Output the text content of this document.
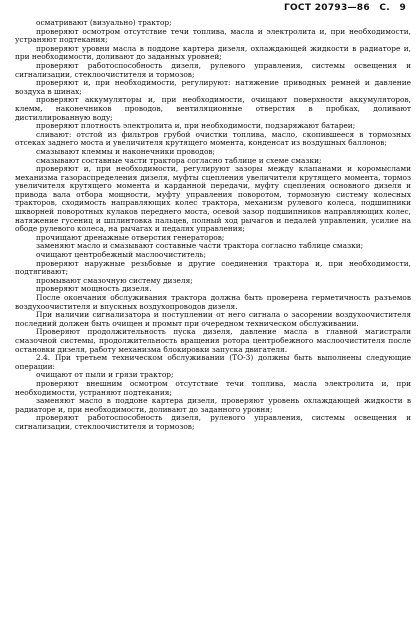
ГОСТ 20793—86 С. 9

осматривают (визуально) трактор;

проверяют осмотром отсутствие течи топлива, масла и электролита и, при необходимости, устраняют подтекания;

проверяют уровни масла в поддоне картера дизеля, охлаждающей жидкости в радиаторе и, при необходимости, доливают до заданных уровней;

проверяют работоспособность дизеля, рулевого управления, системы освещения и сигнализации, стеклоочистителя и тормозов;

проверяют и, при необходимости, регулируют: натяжение приводных ремней и давление воздуха в шинах;

проверяют аккумуляторы и, при необходимости, очищают поверхности аккумуляторов, клемм, наконечников проводов, вентиляционные отверстия в пробках, доливают дистиллированную воду;

проверяют плотность электролита и, при необходимости, подзаряжают батареи;

сливают: отстой из фильтров грубой очистки топлива, масло, скопившееся в тормозных отсеках заднего моста и увеличителя крутящего момента, конденсат из воздушных баллонов;

смазывают клеммы и наконечники проводов;

смазывают составные части трактора согласно таблице и схеме смазки;

проверяют и, при необходимости, регулируют зазоры между клапанами и коромыслами механизма газораспределения дизеля, муфты сцепления увеличителя крутящего момента, тормоз увеличителя крутящего момента и карданной передачи, муфту сцепления основного дизеля и привода вала отбора мощности, муфту управления поворотом, тормозную систему колесных тракторов, сходимость направляющих колес трактора, механизм рулевого колеса, подшипники шкворней поворотных кулаков переднего моста, осевой зазор подшипников направляющих колес, натяжение гусениц и шплинтовка пальцев, полный ход рычагов и педалей управления, усилие на ободе рулевого колеса, на рычагах и педалях управления;

прочищают дренажные отверстия генераторов;

заменяют масло и смазывают составные части трактора согласно таблице смазки;

очищают центробежный маслоочиститель;

проверяют наружные резьбовые и другие соединения трактора и, при необходимости, подтягивают;

промывают смазочную систему дизеля;

проверяют мощность дизеля.

После окончания обслуживания трактора должна быть проверена герметичность разъемов воздухоочистителя и впускных воздухопроводов дизеля.

При наличии сигнализатора и поступлении от него сигнала о засорении воздухоочистителя последний должен быть очищен и промыт при очередном техническом обслуживании.

Проверяют продолжительность пуска дизеля, давление масла в главной магистрали смазочной системы, продолжительность вращения ротора центробежного маслоочистителя после остановки дизеля, работу механизма блокировки запуска двигателя.

2.4. При третьем техническом обслуживании (ТО-3) должны быть выполнены следующие операции:

очищают от пыли и грязи трактор;

проверяют внешним осмотром отсутствие течи топлива, масла электролита и, при необходимости, устраняют подтекания;

заменяют масло в поддоне картера дизеля, проверяют уровень охлаждающей жидкости в радиаторе и, при необходимости, доливают до заданного уровня;

проверяют работоспособность дизеля, рулевого управления, системы освещения и сигнализации, стеклоочистителя и тормозов;
